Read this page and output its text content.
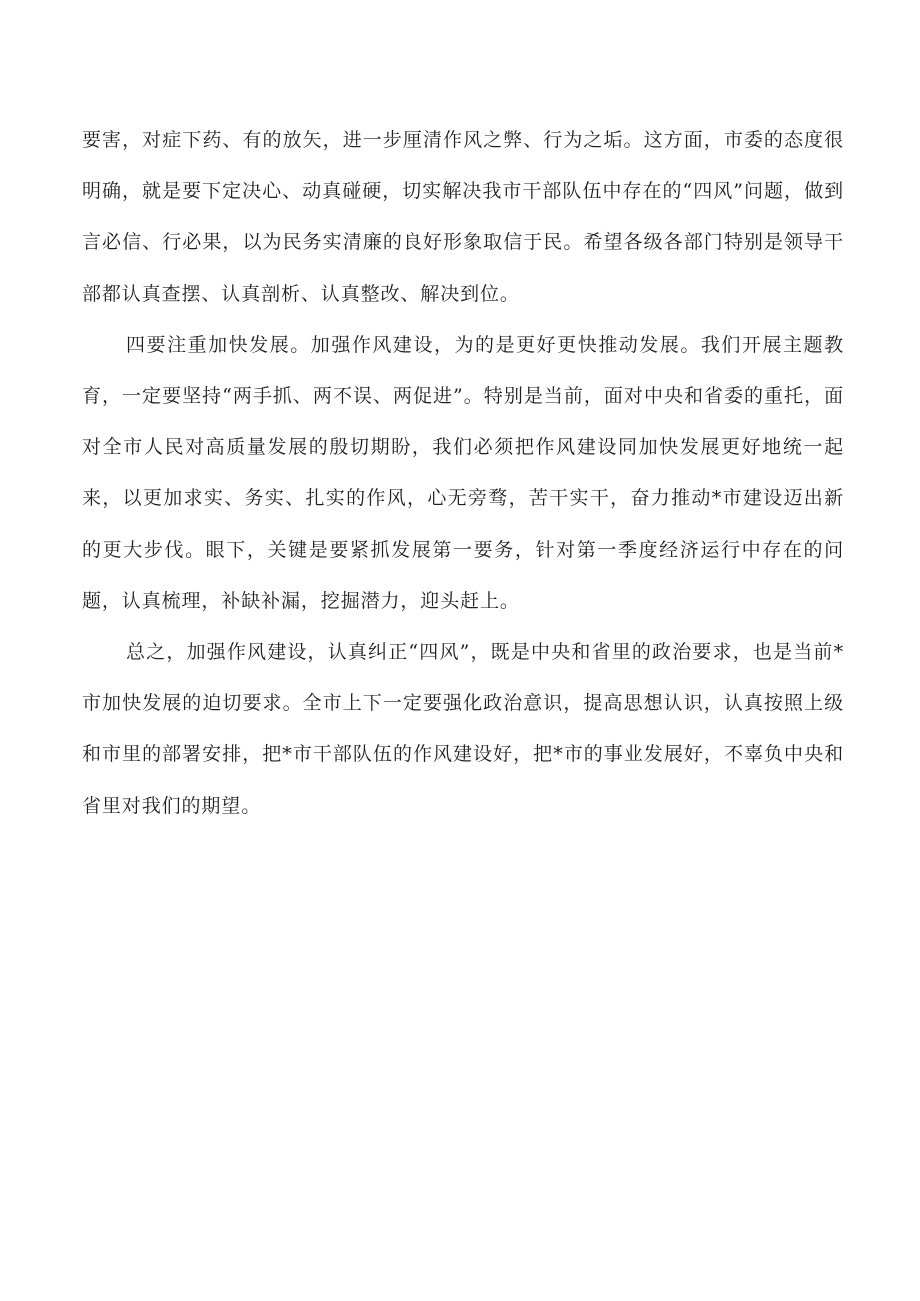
要害，对症下药、有的放矢，进一步厘清作风之弊、行为之垢。这方面，市委的态度很明确，就是要下定决心、动真碰硬，切实解决我市干部队伍中存在的“四风”问题，做到言必信、行必果，以为民务实清廉的良好形象取信于民。希望各级各部门特别是领导干部都认真查摆、认真剖析、认真整改、解决到位。

四要注重加快发展。加强作风建设，为的是更好更快推动发展。我们开展主题教育，一定要坚持“两手抓、两不误、两促进”。特别是当前，面对中央和省委的重托，面对全市人民对高质量发展的殷切期盼，我们必须把作风建设同加快发展更好地统一起来，以更加求实、务实、扎实的作风，心无旁骛，苦干实干，奋力推动*市建设迈出新的更大步伐。眼下，关键是要紧抓发展第一要务，针对第一季度经济运行中存在的问题，认真梳理，补缺补漏，挖掘潜力，迎头赶上。

总之，加强作风建设，认真纠正“四风”，既是中央和省里的政治要求，也是当前*市加快发展的迫切要求。全市上下一定要强化政治意识，提高思想认识，认真按照上级和市里的部署安排，把*市干部队伍的作风建设好，把*市的事业发展好，不辜负中央和省里对我们的期望。
